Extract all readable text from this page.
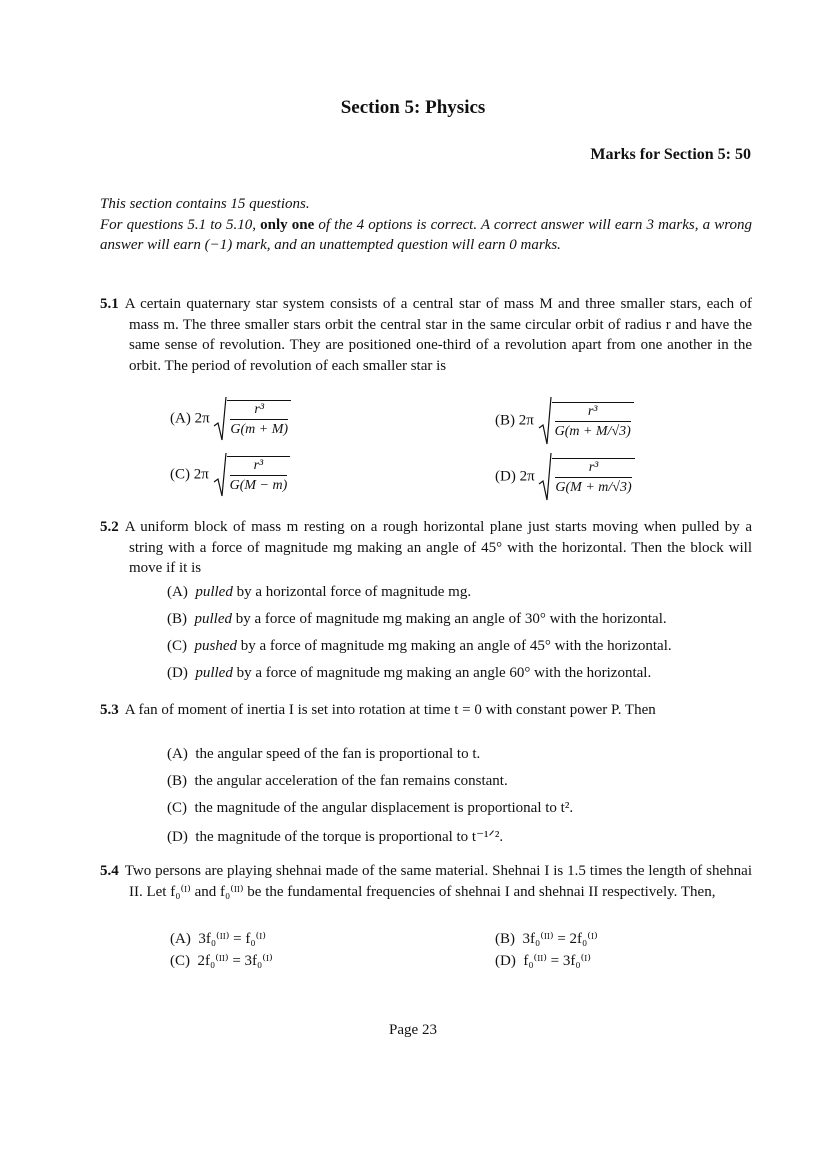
Section 5: Physics
Marks for Section 5: 50
This section contains 15 questions.
For questions 5.1 to 5.10, only one of the 4 options is correct. A correct answer will earn 3 marks, a wrong answer will earn (−1) mark, and an unattempted question will earn 0 marks.
5.1 A certain quaternary star system consists of a central star of mass M and three smaller stars, each of mass m. The three smaller stars orbit the central star in the same circular orbit of radius r and have the same sense of revolution. They are positioned one-third of a revolution apart from one another in the orbit. The period of revolution of each smaller star is
(A) $2\pi \frac{\text{r³}}{G(m + M)}$	(B) $2\pi \frac{\text{r³}}{G(m + M/√3)}$
(C) $2\pi \frac{\text{r³}}{G(M - m)}$	(D) $2\pi \frac{\text{r³}}{G(M + m/√3)}$
5.2 A uniform block of mass m resting on a rough horizontal plane just starts moving when pulled by a string with a force of magnitude mg making an angle of 45° with the horizontal. Then the block will move if it is
(A) pulled by a horizontal force of magnitude mg.
(B) pulled by a force of magnitude mg making an angle of 30° with the horizontal.
(C) pushed by a force of magnitude mg making an angle of 45° with the horizontal.
(D) pulled by a force of magnitude mg making an angle 60° with the horizontal.
5.3 A fan of moment of inertia I is set into rotation at time t = 0 with constant power P. Then
(A) the angular speed of the fan is proportional to t.
(B) the angular acceleration of the fan remains constant.
(C) the magnitude of the angular displacement is proportional to t².
(D) the magnitude of the torque is proportional to t⁻¹ᐟ².
5.4 Two persons are playing shehnai made of the same material. Shehnai I is 1.5 times the length of shehnai II. Let f₀⁽ᴵ⁾ and f₀⁽ᴵᴵ⁾ be the fundamental frequencies of shehnai I and shehnai II respectively. Then,
(A) 3f₀⁽ᴵᴵ⁾ = f₀⁽ᴵ⁾	(B) 3f₀⁽ᴵᴵ⁾ = 2f₀⁽ᴵ⁾
(C) 2f₀⁽ᴵᴵ⁾ = 3f₀⁽ᴵ⁾	(D) f₀⁽ᴵᴵ⁾ = 3f₀⁽ᴵ⁾
Page 23
